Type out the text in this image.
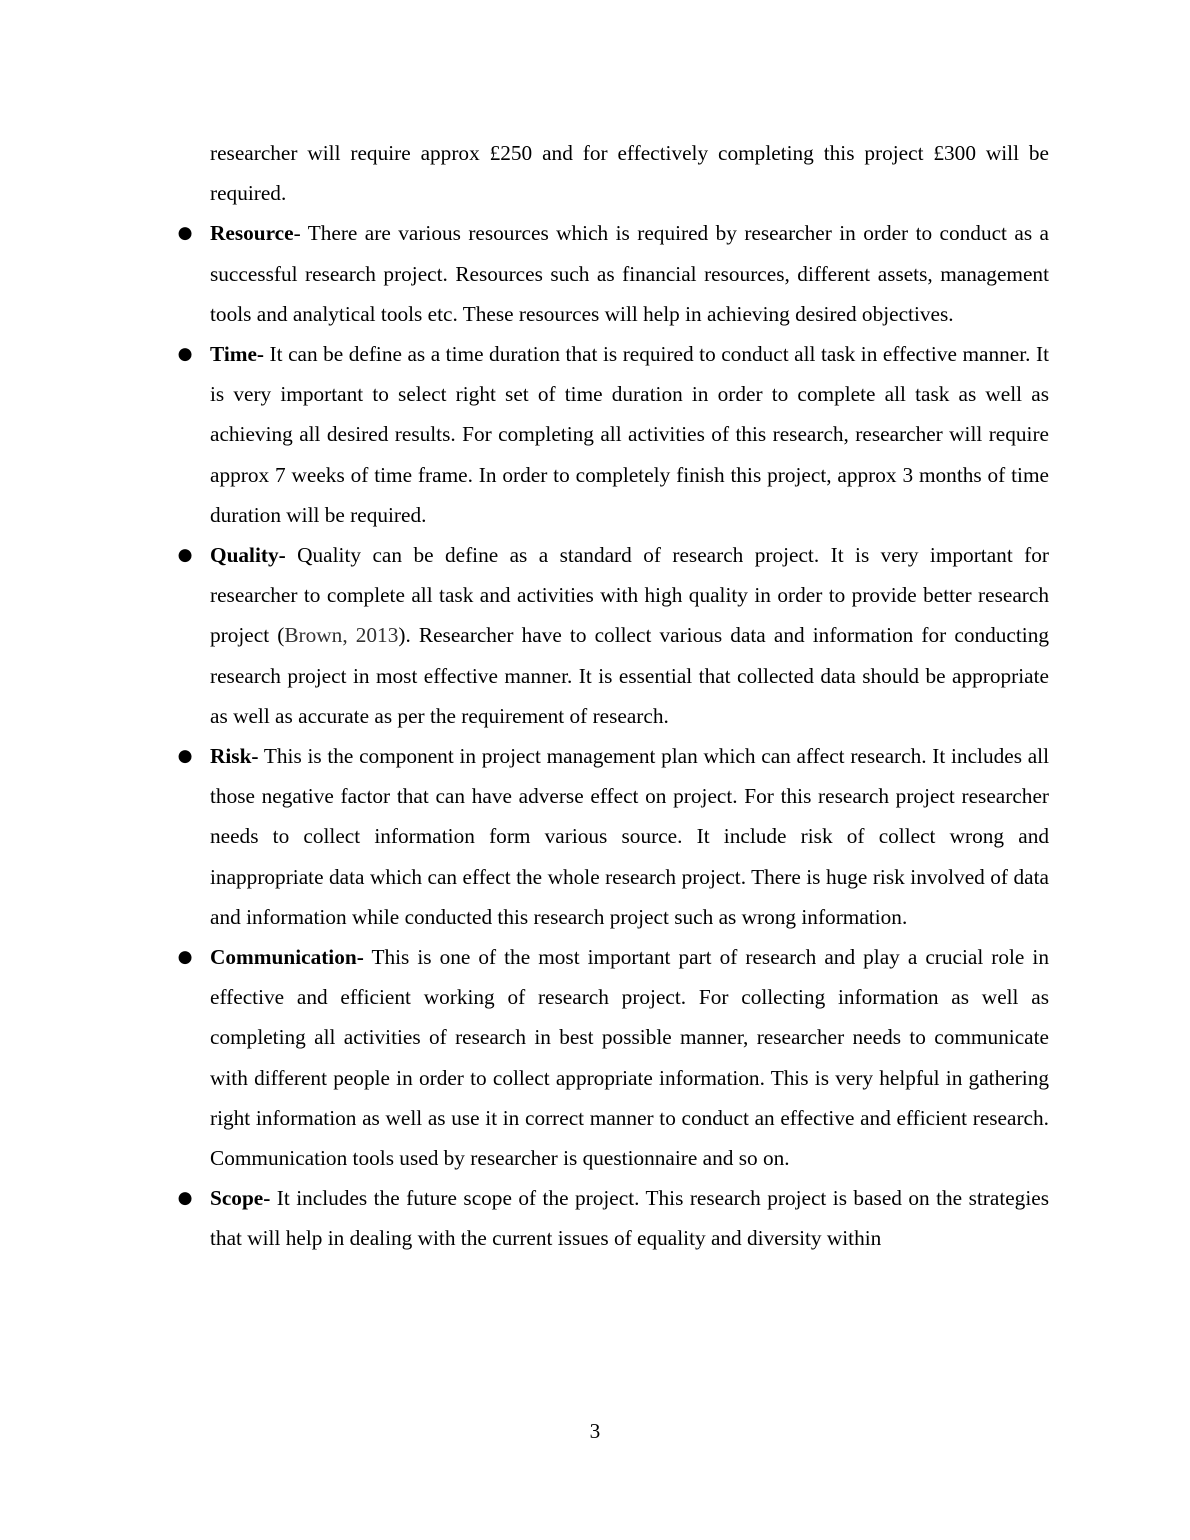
researcher will require approx £250 and for effectively completing this project £300 will be required.

● Resource- There are various resources which is required by researcher in order to conduct as a successful research project. Resources such as financial resources, different assets, management tools and analytical tools etc. These resources will help in achieving desired objectives.
● Time- It can be define as a time duration that is required to conduct all task in effective manner. It is very important to select right set of time duration in order to complete all task as well as achieving all desired results. For completing all activities of this research, researcher will require approx 7 weeks of time frame. In order to completely finish this project, approx 3 months of time duration will be required.
● Quality- Quality can be define as a standard of research project. It is very important for researcher to complete all task and activities with high quality in order to provide better research project (Brown, 2013). Researcher have to collect various data and information for conducting research project in most effective manner. It is essential that collected data should be appropriate as well as accurate as per the requirement of research.
● Risk- This is the component in project management plan which can affect research. It includes all those negative factor that can have adverse effect on project. For this research project researcher needs to collect information form various source. It include risk of collect wrong and inappropriate data which can effect the whole research project. There is huge risk involved of data and information while conducted this research project such as wrong information.
● Communication- This is one of the most important part of research and play a crucial role in effective and efficient working of research project. For collecting information as well as completing all activities of research in best possible manner, researcher needs to communicate with different people in order to collect appropriate information. This is very helpful in gathering right information as well as use it in correct manner to conduct an effective and efficient research. Communication tools used by researcher is questionnaire and so on.
● Scope- It includes the future scope of the project. This research project is based on the strategies that will help in dealing with the current issues of equality and diversity within
3
